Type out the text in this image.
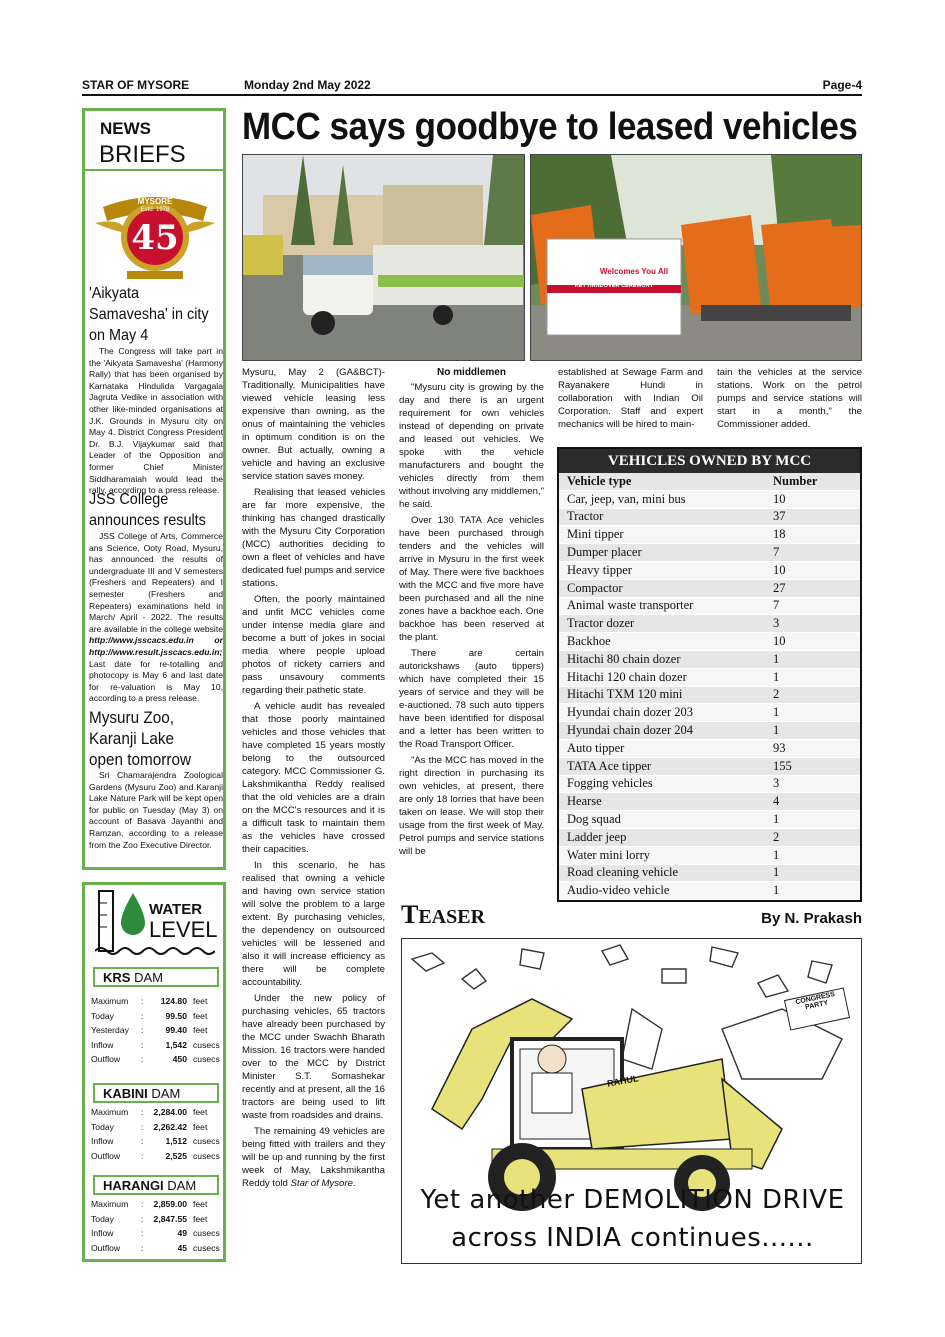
STAR OF MYSORE	Monday 2nd May 2022	Page-4
NEWS
BRIEFS
45
STAR OF MYSORE
Estd. 1978
'Aikyata Samavesha' in city on May 4

The Congress will take part in the 'Aikyata Samavesha' (Harmony Rally) that has been organised by Karnataka Hindulida Vargagala Jagruta Vedike in association with other like-minded organisations at J.K. Grounds in Mysuru city on May 4. District Congress President Dr. B.J. Vijaykumar said that Leader of the Opposition and former Chief Minister Siddharamaiah would lead the rally, according to a press release.

JSS College announces results

JSS College of Arts, Commerce ans Science, Ooty Road, Mysuru, has announced the results of undergraduate III and V semesters (Freshers and Repeaters) and I semester (Freshers and Repeaters) examinations held in March/ April - 2022. The results are available in the college website http://www.jsscacs.edu.in or http://www.result.jsscacs.edu.in; Last date for re-totalling and photocopy is May 6 and last date for re-valuation is May 10, according to a press release.

Mysuru Zoo, Karanji Lake open tomorrow

Sri Chamarajendra Zoological Gardens (Mysuru Zoo) and Karanji Lake Nature Park will be kept open for public on Tuesday (May 3) on account of Basava Jayanthi and Ramzan, according to a release from the Zoo Executive Director.

WATER
LEVEL
KRS DAM
Maximum : 124.80 feet
Today	:	99.50 feet
Yesterday :	99.40 feet
Inflow	:	1,542 cusecs
Outflow :	450 cusecs
KABINI DAM
Maximum : 2,284.00 feet
Today	: 2,262.42 feet
Inflow	:	1,512 cusecs
Outflow :	2,525 cusecs
HARANGI DAM
Maximum : 2,859.00 feet
Today	: 2,847.55 feet
Inflow	:	49 cusecs
Outflow :	45 cusecs
MCC says goodbye to leased vehicles
Welcomes You All
KEY HANDOVER CEREMONY

Mysuru, May 2 (GA&BCT)- Traditionally, Municipalities have viewed vehicle leasing less expensive than owning, as the onus of maintaining the vehicles in optimum condition is on the owner. But actually, owning a vehicle and having an exclusive service station saves money.

Realising that leased vehicles are far more expensive, the thinking has changed drastically with the Mysuru City Corporation (MCC) authorities deciding to own a fleet of vehicles and have dedicated fuel pumps and service stations.

Often, the poorly maintained and unfit MCC vehicles come under intense media glare and become a butt of jokes in social media where people upload photos of rickety carriers and pass unsavoury comments regarding their pathetic state.

A vehicle audit has revealed that those poorly maintained vehicles and those vehicles that have completed 15 years mostly belong to the outsourced category. MCC Commissioner G. Lakshmikantha Reddy realised that the old vehicles are a drain on the MCC's resources and it is a difficult task to maintain them as the vehicles have crossed their capacities.

In this scenario, he has realised that owning a vehicle and having own service station will solve the problem to a large extent. By purchasing vehicles, the dependency on outsourced vehicles will be lessened and also it will increase efficiency as there will be complete accountability.

Under the new policy of purchasing vehicles, 65 tractors have already been purchased by the MCC under Swachh Bharath Mission. 16 tractors were handed over to the MCC by District Minister S.T. Somashekar recently and at present, all the 16 tractors are being used to lift waste from roadsides and drains.

The remaining 49 vehicles are being fitted with trailers and they will be up and running by the first week of May, Lakshmikantha Reddy told Star of Mysore.

No middlemen

"Mysuru city is growing by the day and there is an urgent requirement for own vehicles instead of depending on private and leased out vehicles. We spoke with the vehicle manufacturers and bought the vehicles directly from them without involving any middlemen," he said.

Over 130 TATA Ace vehicles have been purchased through tenders and the vehicles will arrive in Mysuru in the first week of May. There were five backhoes with the MCC and five more have been purchased and all the nine zones have a backhoe each. One backhoe has been reserved at the plant.

There are certain autorickshaws (auto tippers) which have completed their 15 years of service and they will be e-auctioned. 78 such auto tippers have been identified for disposal and a letter has been written to the Road Transport Officer.

"As the MCC has moved in the right direction in purchasing its own vehicles, at present, there are only 18 lorries that have been taken on lease. We will stop their usage from the first week of May. Petrol pumps and service stations will be

established at Sewage Farm and Rayanakere Hundi in collaboration with Indian Oil Corporation. Staff and expert mechanics will be hired to main-

tain the vehicles at the service stations. Work on the petrol pumps and service stations will start in a month," the Commissioner added.

VEHICLES OWNED BY MCC
Vehicle type	Number
Car, jeep, van, mini bus	10
Tractor	37
Mini tipper	18
Dumper placer	7
Heavy tipper	10
Compactor	27
Animal waste transporter	7
Tractor dozer	3
Backhoe	10
Hitachi 80 chain dozer	1
Hitachi 120 chain dozer	1
Hitachi TXM 120 mini	2
Hyundai chain dozer 203	1
Hyundai chain dozer 204	1
Auto tipper	93
TATA Ace tipper	155
Fogging vehicles	3
Hearse	4
Dog squad	1
Ladder jeep	2
Water mini lorry	1
Road cleaning vehicle	1
Audio-video vehicle	1
TEASER	By N. Prakash
RAHUL
CONGRESS PARTY
Yet another DEMOLITION DRIVE
across INDIA continues......
